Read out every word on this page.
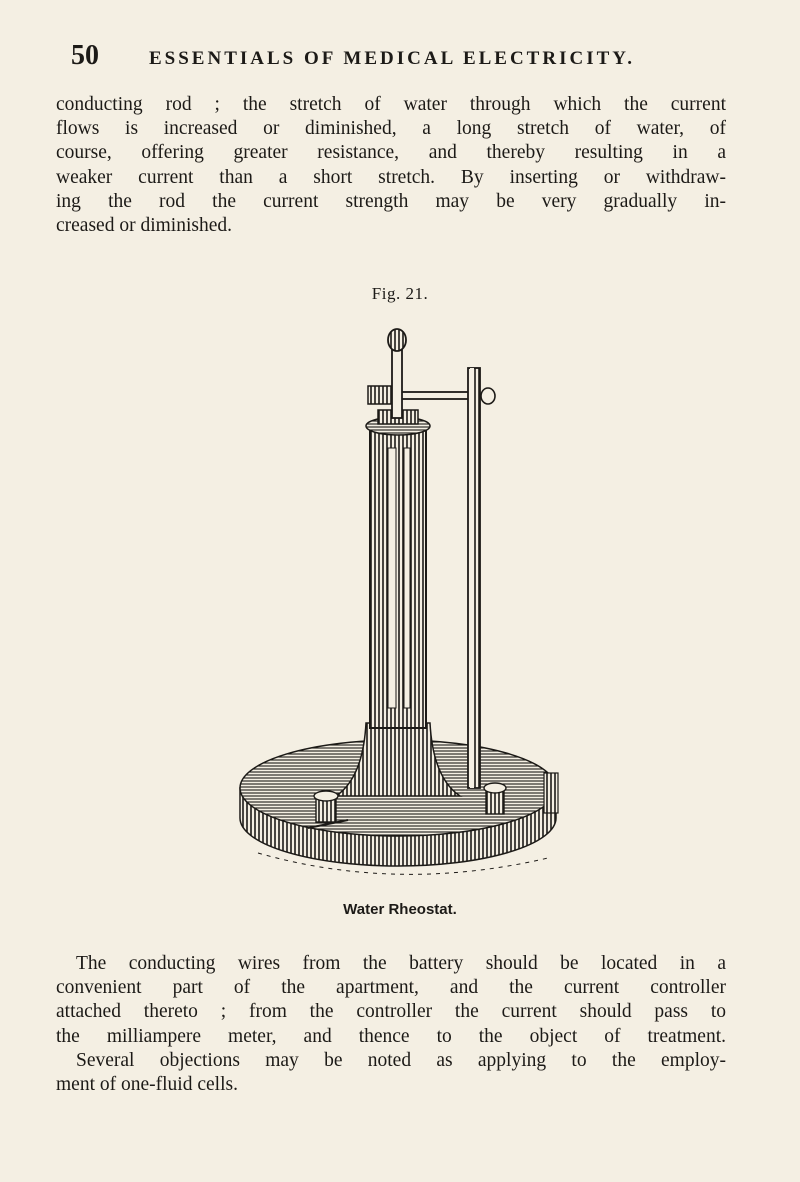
50	ESSENTIALS OF MEDICAL ELECTRICITY.

conducting rod ; the stretch of water through which the current
flows is increased or diminished, a long stretch of water, of
course, offering greater resistance, and thereby resulting in a
weaker current than a short stretch. By inserting or withdraw-
ing the rod the current strength may be very gradually in-
creased or diminished.

Fig. 21.
Water Rheostat.

The conducting wires from the battery should be located in a
convenient part of the apartment, and the current controller
attached thereto ; from the controller the current should pass to
the milliampere meter, and thence to the object of treatment.
Several objections may be noted as applying to the employ-
ment of one-fluid cells.
